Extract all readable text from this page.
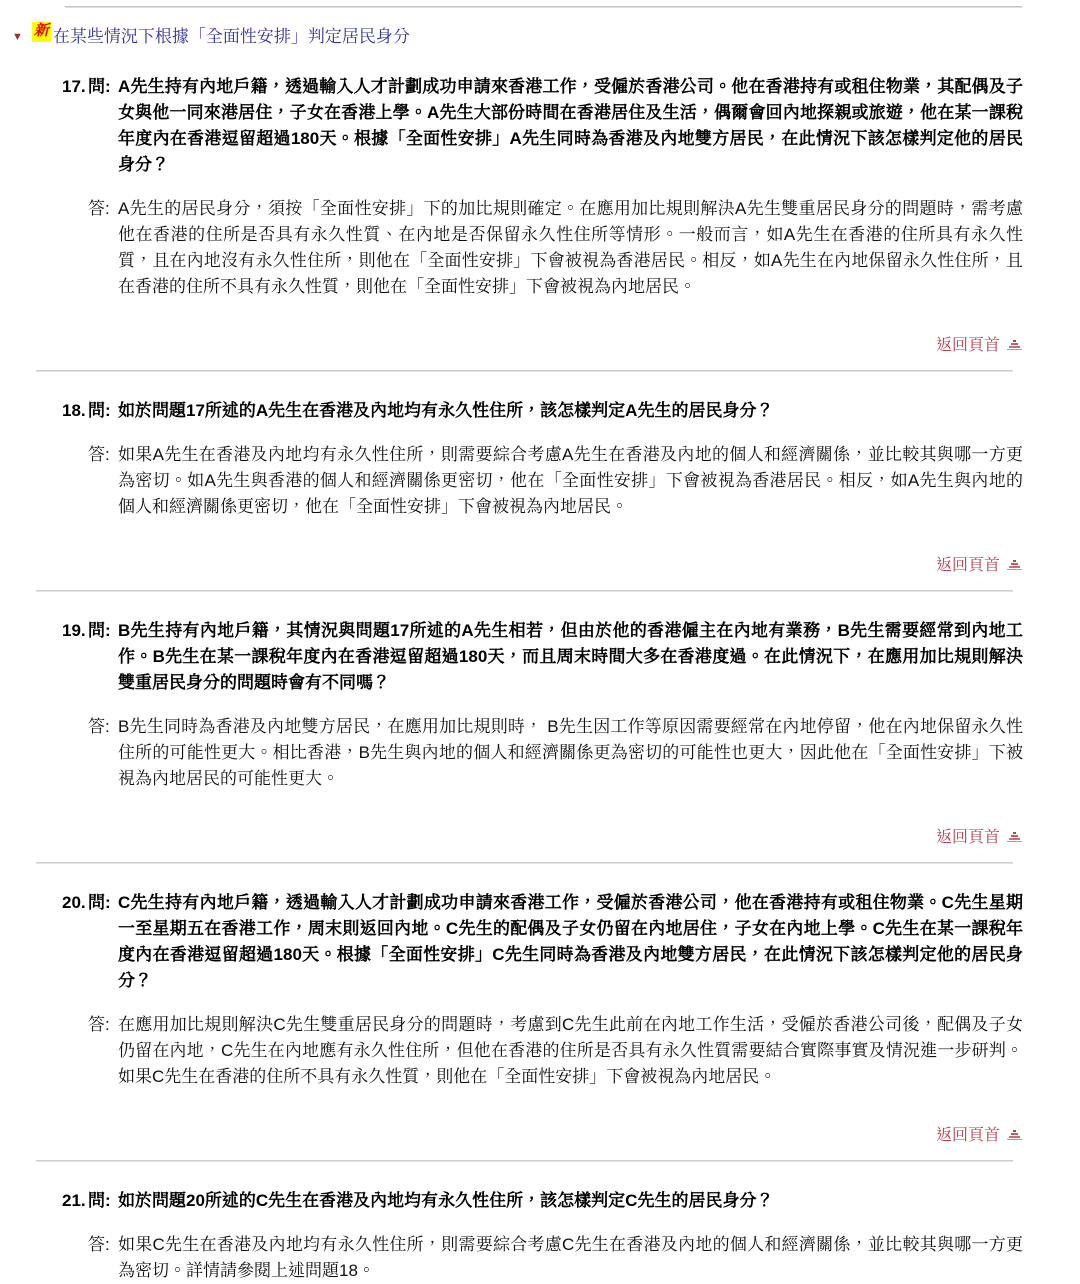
▼ 新 在某些情況下根據「全面性安排」判定居民身分
17. 問: A先生持有內地戶籍，透過輸入人才計劃成功申請來香港工作，受僱於香港公司。他在香港持有或租住物業，其配偶及子女與他一同來港居住，子女在香港上學。A先生大部份時間在香港居住及生活，偶爾會回內地探親或旅遊，他在某一課稅年度內在香港逗留超過180天。根據「全面性安排」A先生同時為香港及內地雙方居民，在此情況下該怎樣判定他的居民身分？
答: A先生的居民身分，須按「全面性安排」下的加比規則確定。在應用加比規則解決A先生雙重居民身分的問題時，需考慮他在香港的住所是否具有永久性質、在內地是否保留永久性住所等情形。一般而言，如A先生在香港的住所具有永久性質，且在內地沒有永久性住所，則他在「全面性安排」下會被視為香港居民。相反，如A先生在內地保留永久性住所，且在香港的住所不具有永久性質，則他在「全面性安排」下會被視為內地居民。
返回頁首
18. 問: 如於問題17所述的A先生在香港及內地均有永久性住所，該怎樣判定A先生的居民身分？
答: 如果A先生在香港及內地均有永久性住所，則需要綜合考慮A先生在香港及內地的個人和經濟關係，並比較其與哪一方更為密切。如A先生與香港的個人和經濟關係更密切，他在「全面性安排」下會被視為香港居民。相反，如A先生與內地的個人和經濟關係更密切，他在「全面性安排」下會被視為內地居民。
返回頁首
19. 問: B先生持有內地戶籍，其情況與問題17所述的A先生相若，但由於他的香港僱主在內地有業務，B先生需要經常到內地工作。B先生在某一課稅年度內在香港逗留超過180天，而且周末時間大多在香港度過。在此情況下，在應用加比規則解決雙重居民身分的問題時會有不同嗎？
答: B先生同時為香港及內地雙方居民，在應用加比規則時， B先生因工作等原因需要經常在內地停留，他在內地保留永久性住所的可能性更大。相比香港，B先生與內地的個人和經濟關係更為密切的可能性也更大，因此他在「全面性安排」下被視為內地居民的可能性更大。
返回頁首
20. 問: C先生持有內地戶籍，透過輸入人才計劃成功申請來香港工作，受僱於香港公司，他在香港持有或租住物業。C先生星期一至星期五在香港工作，周末則返回內地。C先生的配偶及子女仍留在內地居住，子女在內地上學。C先生在某一課稅年度內在香港逗留超過180天。根據「全面性安排」C先生同時為香港及內地雙方居民，在此情況下該怎樣判定他的居民身分？
答: 在應用加比規則解決C先生雙重居民身分的問題時，考慮到C先生此前在內地工作生活，受僱於香港公司後，配偶及子女仍留在內地，C先生在內地應有永久性住所，但他在香港的住所是否具有永久性質需要結合實際事實及情況進一步研判。如果C先生在香港的住所不具有永久性質，則他在「全面性安排」下會被視為內地居民。
返回頁首
21. 問: 如於問題20所述的C先生在香港及內地均有永久性住所，該怎樣判定C先生的居民身分？
答: 如果C先生在香港及內地均有永久性住所，則需要綜合考慮C先生在香港及內地的個人和經濟關係，並比較其與哪一方更為密切。詳情請參閱上述問題18。
